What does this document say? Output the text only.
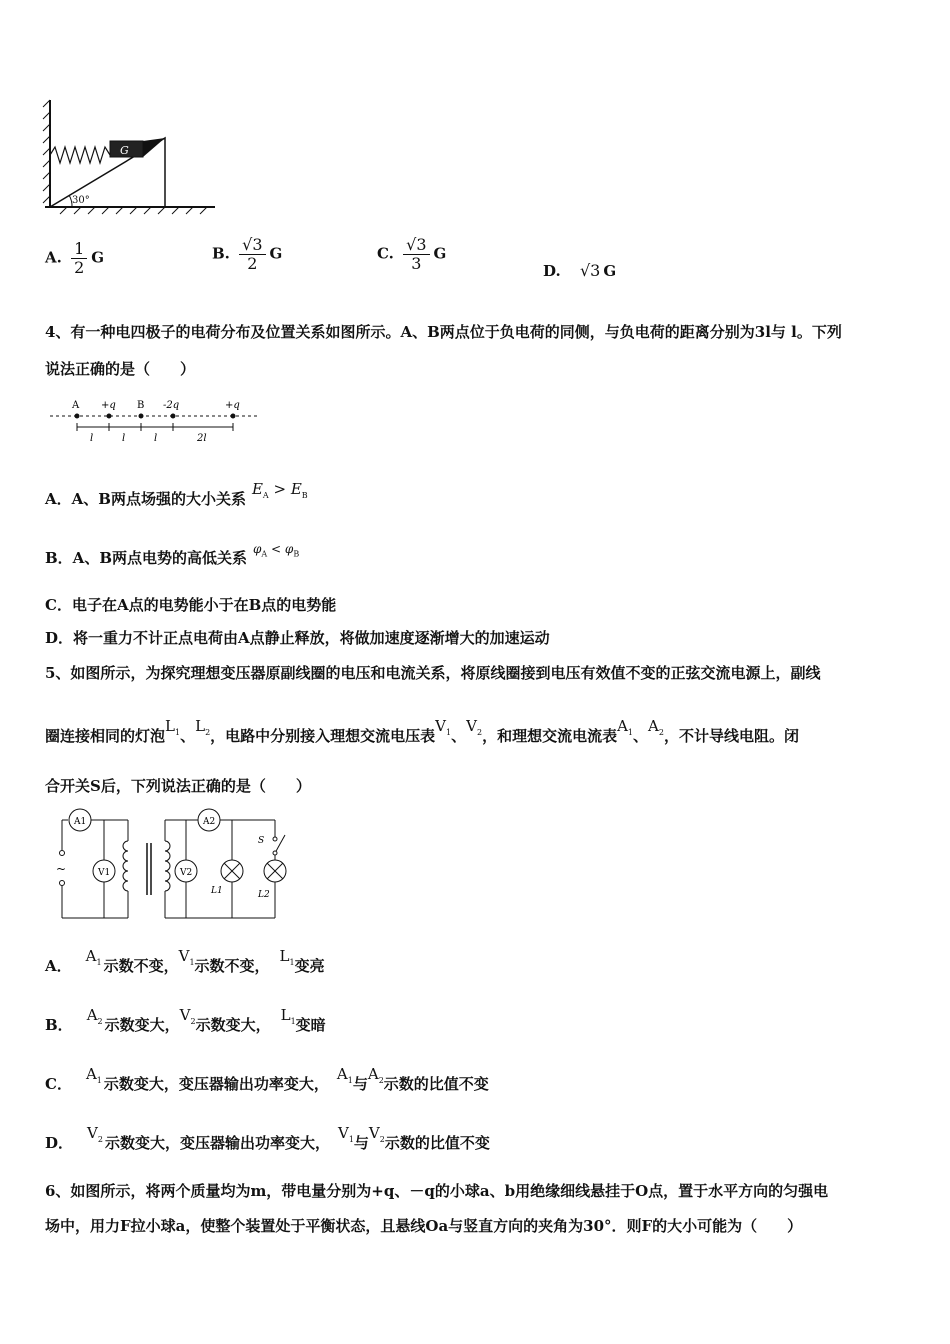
G
30°
A. $\frac{1}{2}$ G	B. $\frac{√3}{2}$ G	C. $\frac{√3}{3}$ G
D. √3 G
4、有一种电四极子的电荷分布及位置关系如图所示。A、B两点位于负电荷的同侧，与负电荷的距离分别为3l与 l。下列
说法正确的是（　　）
A +q B -2q	+q
l	l	l	2l
A．A、B两点场强的大小关系$E_A > E_B$
B．A、B两点电势的高低关系 $^{\varphi_A < \varphi_B}$
C．电子在A点的电势能小于在B点的电势能
D．将一重力不计正点电荷由A点静止释放，将做加速度逐渐增大的加速运动
5、如图所示，为探究理想变压器原副线圈的电压和电流关系，将原线圈接到电压有效值不变的正弦交流电源上，副线
圈连接相同的灯泡$L_1$、$L_2$，电路中分别接入理想交流电压表$V_1$、$V_2$，和理想交流电流表$A_1$、$A_2$，不计导线电阻。闭
合开关S后，下列说法正确的是（　　）
A1
V1
A2
V2
L1	L2
S
~
A．$A_1$ 示数不变，$V_1$示数不变，$L_1$变亮
B．$A_2$ 示数变大，$V_2$示数变大，$L_1$变暗
C．$A_1$ 示数变大，变压器输出功率变大，$A_1$与$A_2$示数的比值不变
D．$V_2$ 示数变大，变压器输出功率变大，$V_1$与$V_2$示数的比值不变
6、如图所示，将两个质量均为m，带电量分别为+q、－q的小球a、b用绝缘细线悬挂于O点，置于水平方向的匀强电
场中，用力F拉小球a，使整个装置处于平衡状态，且悬线Oa与竖直方向的夹角为30°．则F的大小可能为（　　）
